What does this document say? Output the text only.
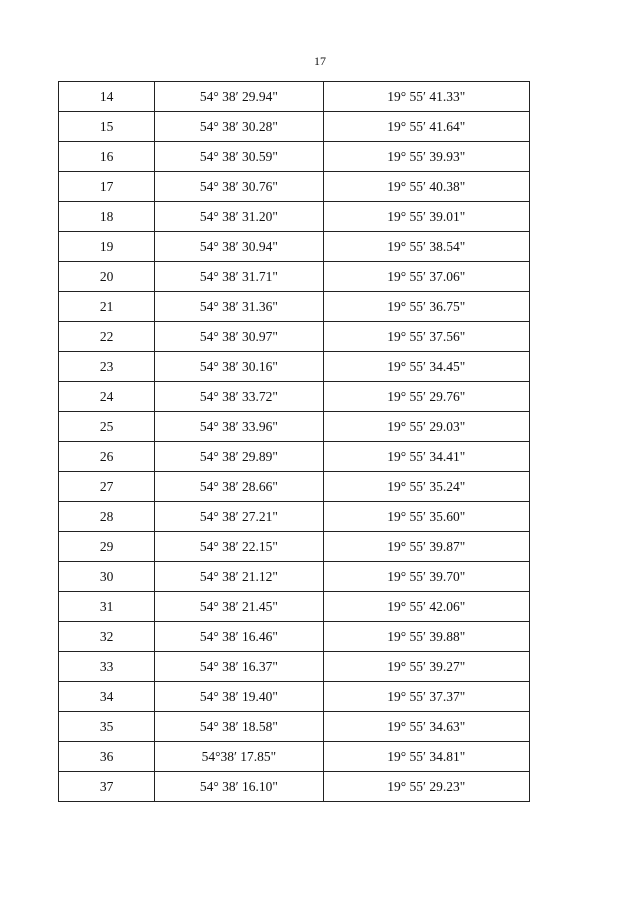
17
14	54° 38′ 29.94"	19° 55′ 41.33"
15	54° 38′ 30.28"	19° 55′ 41.64"
16	54° 38′ 30.59"	19° 55′ 39.93"
17	54° 38′ 30.76"	19° 55′ 40.38"
18	54° 38′ 31.20"	19° 55′ 39.01"
19	54° 38′ 30.94"	19° 55′ 38.54"
20	54° 38′ 31.71"	19° 55′ 37.06"
21	54° 38′ 31.36"	19° 55′ 36.75"
22	54° 38′ 30.97"	19° 55′ 37.56"
23	54° 38′ 30.16"	19° 55′ 34.45"
24	54° 38′ 33.72"	19° 55′ 29.76"
25	54° 38′ 33.96"	19° 55′ 29.03"
26	54° 38′ 29.89"	19° 55′ 34.41"
27	54° 38′ 28.66"	19° 55′ 35.24"
28	54° 38′ 27.21"	19° 55′ 35.60"
29	54° 38′ 22.15"	19° 55′ 39.87"
30	54° 38′ 21.12"	19° 55′ 39.70"
31	54° 38′ 21.45"	19° 55′ 42.06"
32	54° 38′ 16.46"	19° 55′ 39.88"
33	54° 38′ 16.37"	19° 55′ 39.27"
34	54° 38′ 19.40"	19° 55′ 37.37"
35	54° 38′ 18.58"	19° 55′ 34.63"
36	54°38′ 17.85"	19° 55′ 34.81"
37	54° 38′ 16.10"	19° 55′ 29.23"
